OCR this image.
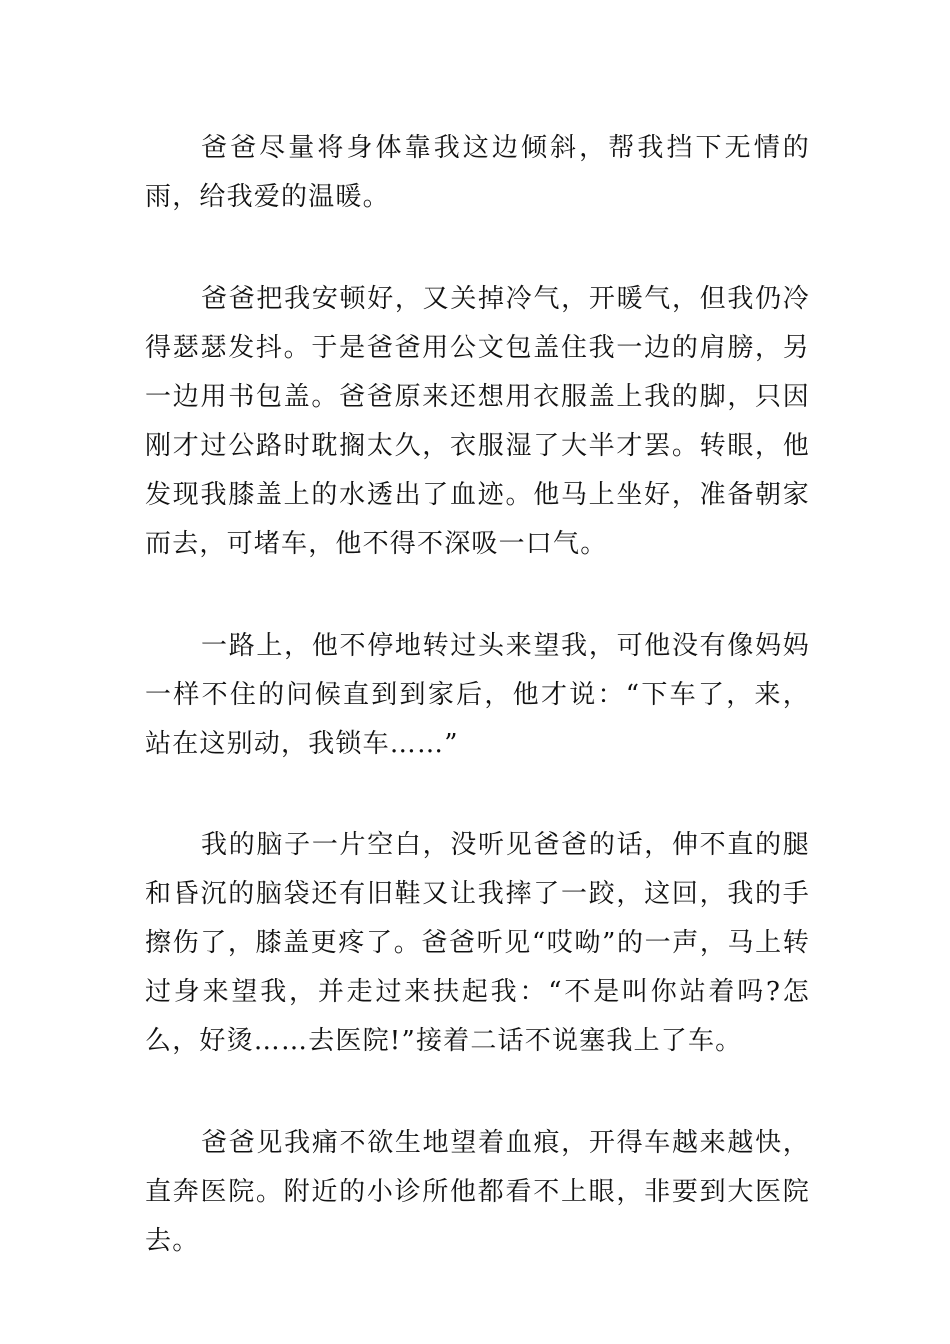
爸爸尽量将身体靠我这边倾斜，帮我挡下无情的雨，给我爱的温暖。

爸爸把我安顿好，又关掉冷气，开暖气，但我仍冷得瑟瑟发抖。于是爸爸用公文包盖住我一边的肩膀，另一边用书包盖。爸爸原来还想用衣服盖上我的脚，只因刚才过公路时耽搁太久，衣服湿了大半才罢。转眼，他发现我膝盖上的水透出了血迹。他马上坐好，准备朝家而去，可堵车，他不得不深吸一口气。

一路上，他不停地转过头来望我，可他没有像妈妈一样不住的问候直到到家后，他才说：“下车了，来，站在这别动，我锁车……”

我的脑子一片空白，没听见爸爸的话，伸不直的腿和昏沉的脑袋还有旧鞋又让我摔了一跤，这回，我的手擦伤了，膝盖更疼了。爸爸听见“哎呦”的一声，马上转过身来望我，并走过来扶起我：“不是叫你站着吗?怎么，好烫……去医院!”接着二话不说塞我上了车。

爸爸见我痛不欲生地望着血痕，开得车越来越快，直奔医院。附近的小诊所他都看不上眼，非要到大医院去。
